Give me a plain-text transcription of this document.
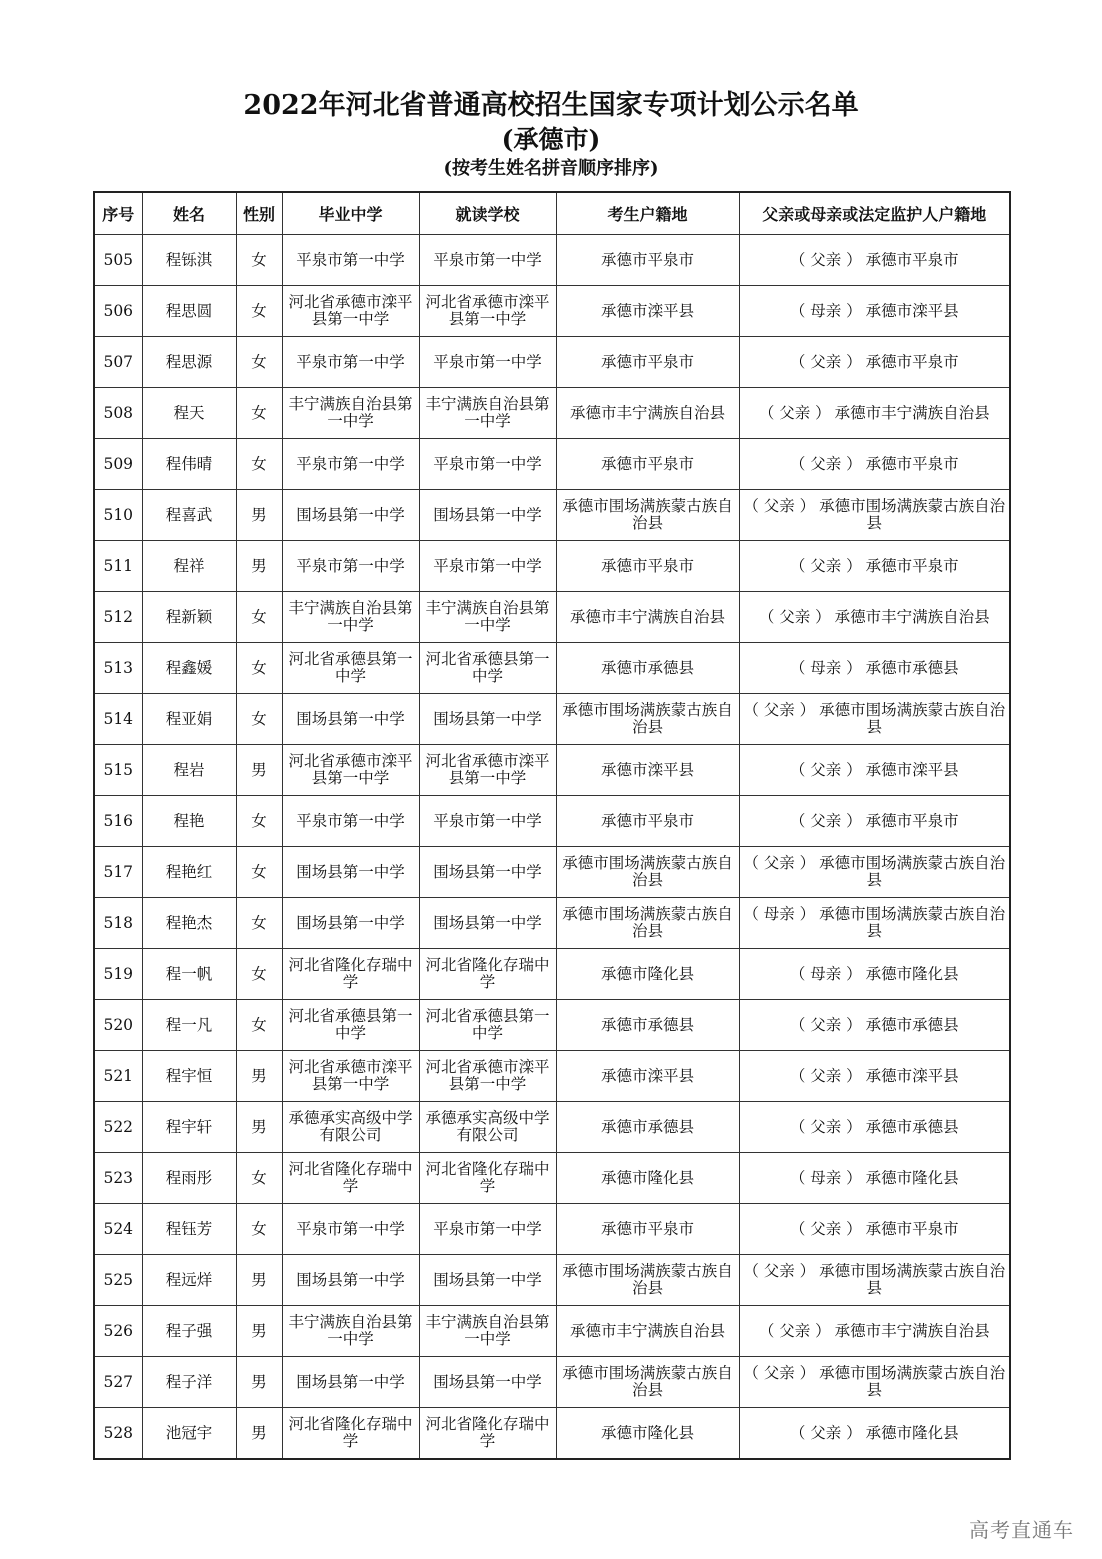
2022年河北省普通高校招生国家专项计划公示名单
(承德市)
(按考生姓名拼音顺序排序)
序号	姓名	性别	毕业中学	就读学校	考生户籍地	父亲或母亲或法定监护人户籍地
505	程铄淇	女	平泉市第一中学	平泉市第一中学	承德市平泉市	（ 父亲 ） 承德市平泉市
506	程思圆	女	河北省承德市滦平县第一中学	河北省承德市滦平县第一中学	承德市滦平县	（ 母亲 ） 承德市滦平县
507	程思源	女	平泉市第一中学	平泉市第一中学	承德市平泉市	（ 父亲 ） 承德市平泉市
508	程天	女	丰宁满族自治县第一中学	丰宁满族自治县第一中学	承德市丰宁满族自治县	（ 父亲 ） 承德市丰宁满族自治县
509	程伟晴	女	平泉市第一中学	平泉市第一中学	承德市平泉市	（ 父亲 ） 承德市平泉市
510	程喜武	男	围场县第一中学	围场县第一中学	承德市围场满族蒙古族自治县	（ 父亲 ） 承德市围场满族蒙古族自治县
511	程祥	男	平泉市第一中学	平泉市第一中学	承德市平泉市	（ 父亲 ） 承德市平泉市
512	程新颖	女	丰宁满族自治县第一中学	丰宁满族自治县第一中学	承德市丰宁满族自治县	（ 父亲 ） 承德市丰宁满族自治县
513	程鑫媛	女	河北省承德县第一中学	河北省承德县第一中学	承德市承德县	（ 母亲 ） 承德市承德县
514	程亚娟	女	围场县第一中学	围场县第一中学	承德市围场满族蒙古族自治县	（ 父亲 ） 承德市围场满族蒙古族自治县
515	程岩	男	河北省承德市滦平县第一中学	河北省承德市滦平县第一中学	承德市滦平县	（ 父亲 ） 承德市滦平县
516	程艳	女	平泉市第一中学	平泉市第一中学	承德市平泉市	（ 父亲 ） 承德市平泉市
517	程艳红	女	围场县第一中学	围场县第一中学	承德市围场满族蒙古族自治县	（ 父亲 ） 承德市围场满族蒙古族自治县
518	程艳杰	女	围场县第一中学	围场县第一中学	承德市围场满族蒙古族自治县	（ 母亲 ） 承德市围场满族蒙古族自治县
519	程一帆	女	河北省隆化存瑞中学	河北省隆化存瑞中学	承德市隆化县	（ 母亲 ） 承德市隆化县
520	程一凡	女	河北省承德县第一中学	河北省承德县第一中学	承德市承德县	（ 父亲 ） 承德市承德县
521	程宇恒	男	河北省承德市滦平县第一中学	河北省承德市滦平县第一中学	承德市滦平县	（ 父亲 ） 承德市滦平县
522	程宇轩	男	承德承实高级中学有限公司	承德承实高级中学有限公司	承德市承德县	（ 父亲 ） 承德市承德县
523	程雨彤	女	河北省隆化存瑞中学	河北省隆化存瑞中学	承德市隆化县	（ 母亲 ） 承德市隆化县
524	程钰芳	女	平泉市第一中学	平泉市第一中学	承德市平泉市	（ 父亲 ） 承德市平泉市
525	程远烊	男	围场县第一中学	围场县第一中学	承德市围场满族蒙古族自治县	（ 父亲 ） 承德市围场满族蒙古族自治县
526	程子强	男	丰宁满族自治县第一中学	丰宁满族自治县第一中学	承德市丰宁满族自治县	（ 父亲 ） 承德市丰宁满族自治县
527	程子洋	男	围场县第一中学	围场县第一中学	承德市围场满族蒙古族自治县	（ 父亲 ） 承德市围场满族蒙古族自治县
528	池冠宇	男	河北省隆化存瑞中学	河北省隆化存瑞中学	承德市隆化县	（ 父亲 ） 承德市隆化县
高考直通车
